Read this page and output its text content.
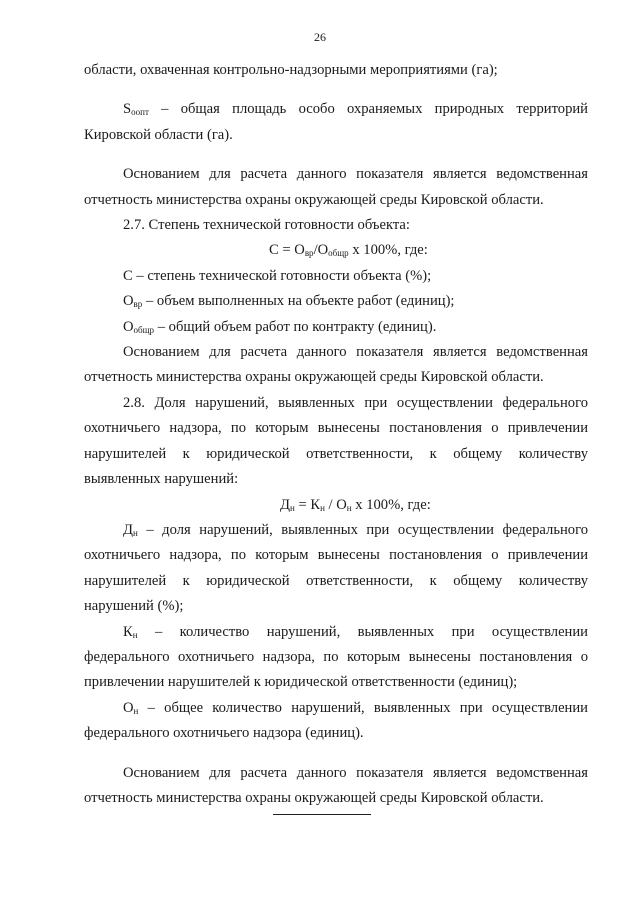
26

области, охваченная контрольно-надзорными мероприятиями (га);

$S_{оопт}$ – общая площадь особо охраняемых природных территорий

Кировской области (га).

Основанием для расчета данного показателя является ведомственная

отчетность министерства охраны окружающей среды Кировской области.

2.7. Степень технической готовности объекта:

$С = О_{вр}/О_{общр}$ х 100%, где:

С – степень технической готовности объекта (%);

$О_{вр}$ – объем выполненных на объекте работ (единиц);

$О_{общр}$ – общий объем работ по контракту (единиц).

Основанием для расчета данного показателя является ведомственная

отчетность министерства охраны окружающей среды Кировской области.

2.8. Доля нарушений, выявленных при осуществлении федерального

охотничьего надзора, по которым вынесены постановления о привлечении

нарушителей к юридической ответственности, к общему количеству

выявленных нарушений:

$Д_н = К_н / О_н$ х 100%, где:

$Д_н$ – доля нарушений, выявленных при осуществлении федерального

охотничьего надзора, по которым вынесены постановления о привлечении

нарушителей к юридической ответственности, к общему количеству

нарушений (%);

$К_н$ – количество нарушений, выявленных при осуществлении

федерального охотничьего надзора, по которым вынесены постановления о

привлечении нарушителей к юридической ответственности (единиц);

$О_н$ – общее количество нарушений, выявленных при осуществлении

федерального охотничьего надзора (единиц).

Основанием для расчета данного показателя является ведомственная

отчетность министерства охраны окружающей среды Кировской области.
